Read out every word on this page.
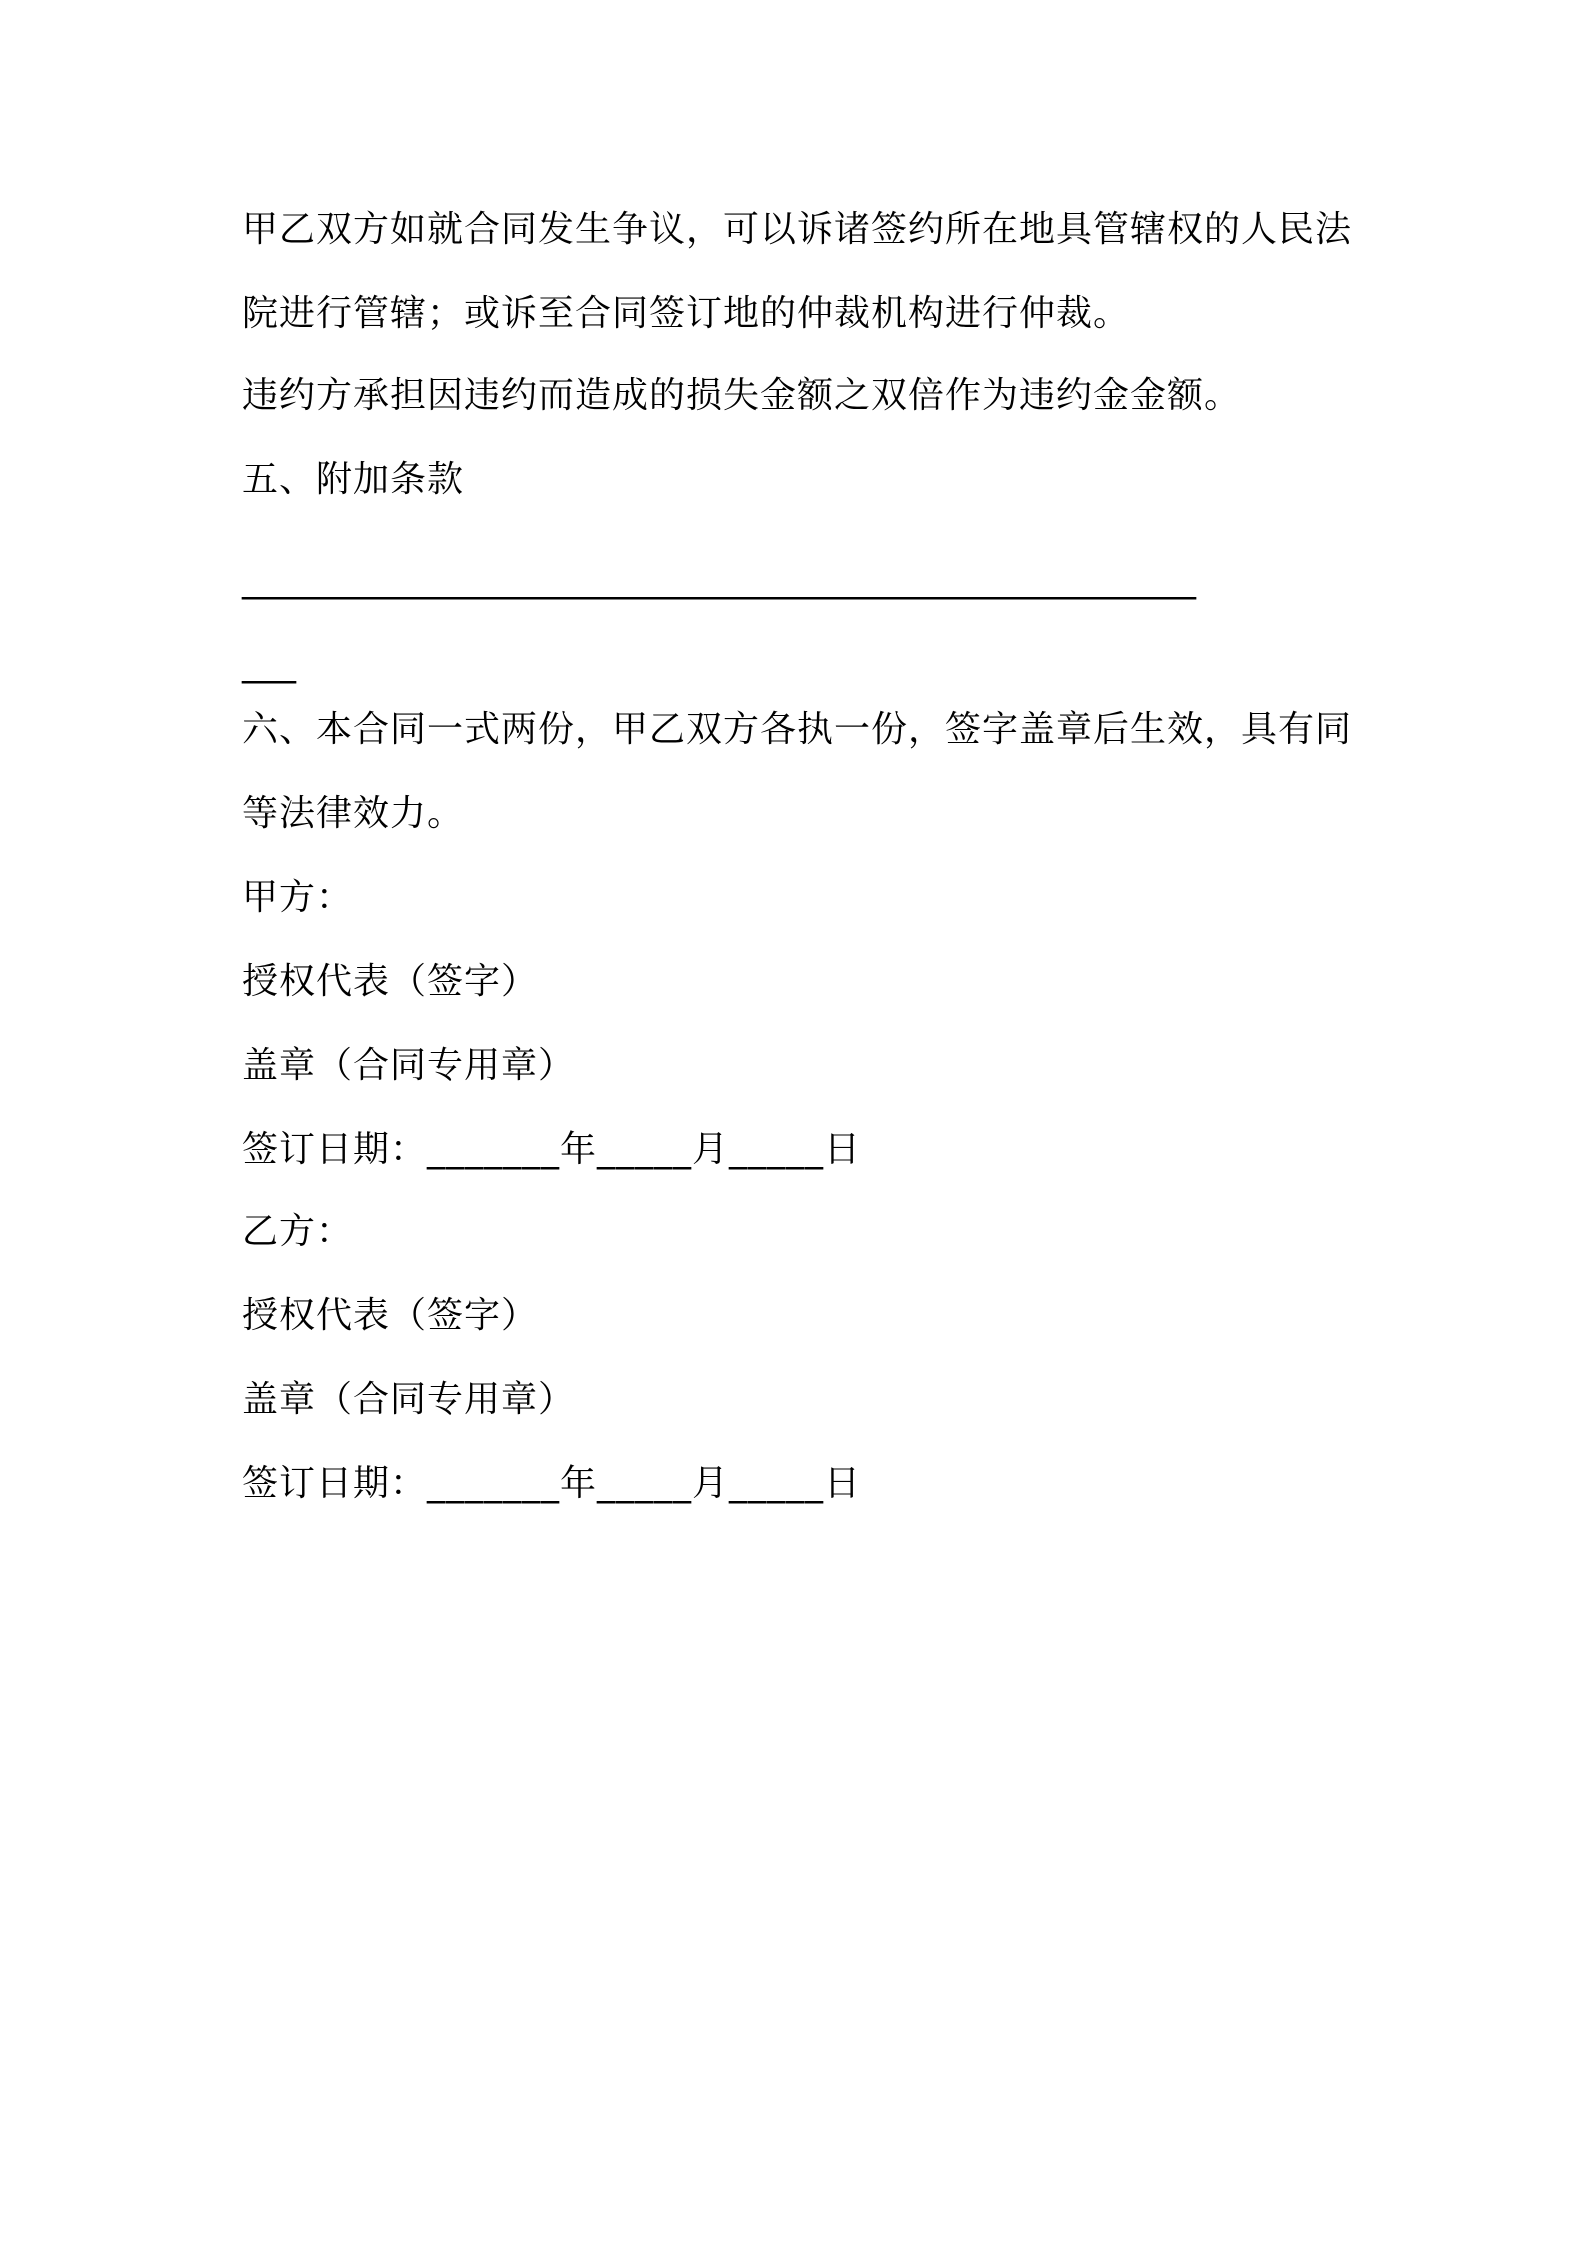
甲乙双方如就合同发生争议，可以诉诸签约所在地具管辖权的人民法
院进行管辖；或诉至合同签订地的仲裁机构进行仲裁。
违约方承担因违约而造成的损失金额之双倍作为违约金金额。
五、附加条款
_____________________________________________________
___
六、本合同一式两份，甲乙双方各执一份，签字盖章后生效，具有同
等法律效力。
甲方：
授权代表（签字）
盖章（合同专用章）
签订日期：_______年_____月_____日
乙方：
授权代表（签字）
盖章（合同专用章）
签订日期：_______年_____月_____日
